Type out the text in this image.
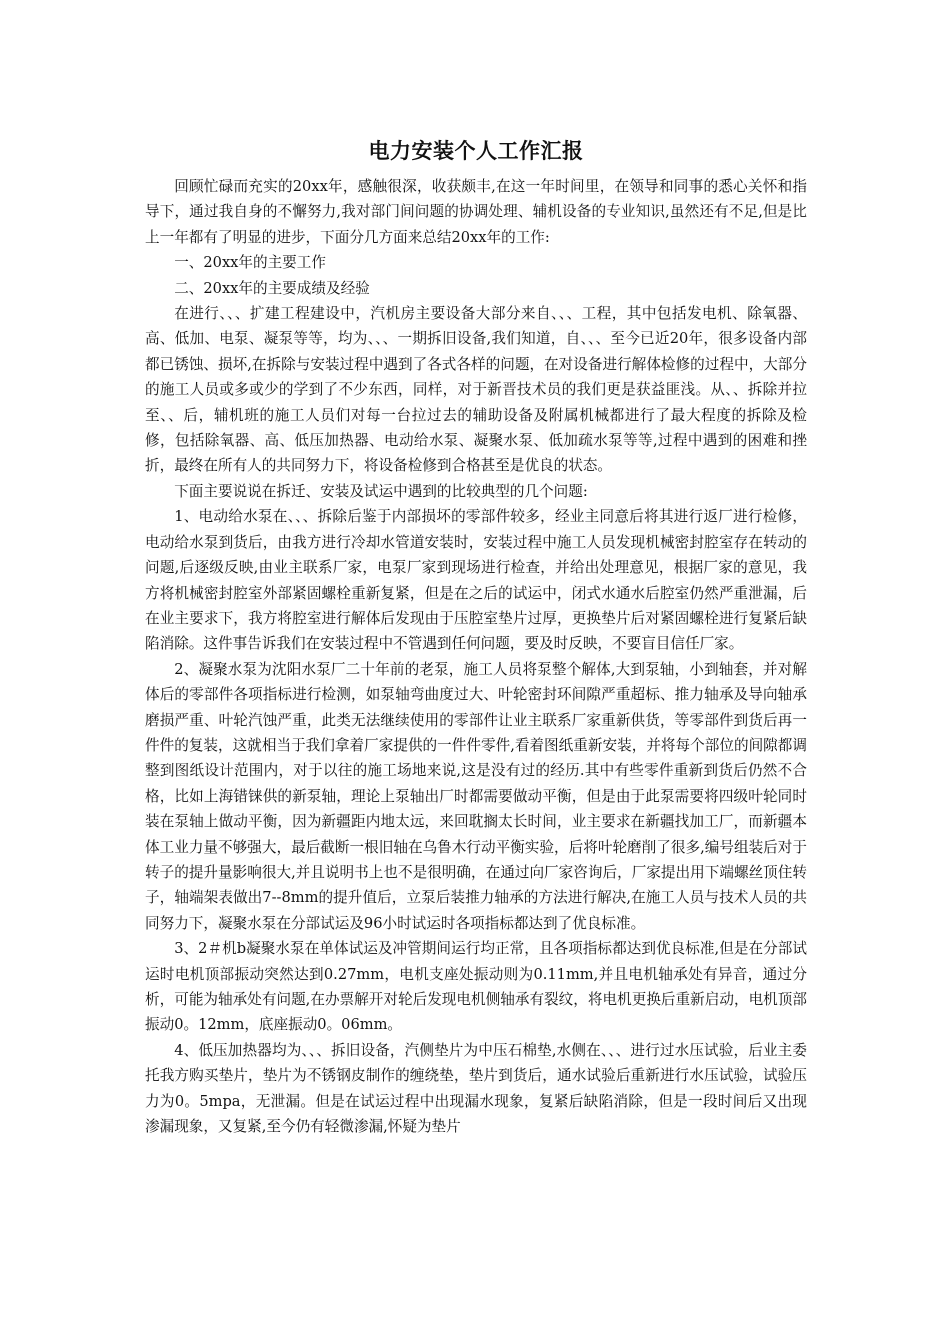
电力安装个人工作汇报

回顾忙碌而充实的20xx年，感触很深，收获颇丰,在这一年时间里，在领导和同事的悉心关怀和指导下，通过我自身的不懈努力,我对部门间问题的协调处理、辅机设备的专业知识,虽然还有不足,但是比上一年都有了明显的进步，下面分几方面来总结20xx年的工作:

一、20xx年的主要工作

二、20xx年的主要成绩及经验

在进行、、、扩建工程建设中，汽机房主要设备大部分来自、、、工程，其中包括发电机、除氧器、高、低加、电泵、凝泵等等，均为、、、一期拆旧设备,我们知道，自、、、至今已近20年，很多设备内部都已锈蚀、损坏,在拆除与安装过程中遇到了各式各样的问题，在对设备进行解体检修的过程中，大部分的施工人员或多或少的学到了不少东西，同样，对于新晋技术员的我们更是获益匪浅。从、、拆除并拉至、、后，辅机班的施工人员们对每一台拉过去的辅助设备及附属机械都进行了最大程度的拆除及检修，包括除氧器、高、低压加热器、电动给水泵、凝聚水泵、低加疏水泵等等,过程中遇到的困难和挫折，最终在所有人的共同努力下，将设备检修到合格甚至是优良的状态。

下面主要说说在拆迁、安装及试运中遇到的比较典型的几个问题:

1、电动给水泵在、、、拆除后鉴于内部损坏的零部件较多，经业主同意后将其进行返厂进行检修，电动给水泵到货后，由我方进行冷却水管道安装时，安装过程中施工人员发现机械密封腔室存在转动的问题,后逐级反映,由业主联系厂家，电泵厂家到现场进行检查，并给出处理意见，根据厂家的意见，我方将机械密封腔室外部紧固螺栓重新复紧，但是在之后的试运中，闭式水通水后腔室仍然严重泄漏，后在业主要求下，我方将腔室进行解体后发现由于压腔室垫片过厚，更换垫片后对紧固螺栓进行复紧后缺陷消除。这件事告诉我们在安装过程中不管遇到任何问题，要及时反映，不要盲目信任厂家。

2、凝聚水泵为沈阳水泵厂二十年前的老泵，施工人员将泵整个解体,大到泵轴，小到轴套，并对解体后的零部件各项指标进行检测，如泵轴弯曲度过大、叶轮密封环间隙严重超标、推力轴承及导向轴承磨损严重、叶轮汽蚀严重，此类无法继续使用的零部件让业主联系厂家重新供货，等零部件到货后再一件件的复装，这就相当于我们拿着厂家提供的一件件零件,看着图纸重新安装，并将每个部位的间隙都调整到图纸设计范围内，对于以往的施工场地来说,这是没有过的经历.其中有些零件重新到货后仍然不合格，比如上海错铼供的新泵轴，理论上泵轴出厂时都需要做动平衡，但是由于此泵需要将四级叶轮同时装在泵轴上做动平衡，因为新疆距内地太远，来回耽搁太长时间，业主要求在新疆找加工厂，而新疆本体工业力量不够强大，最后截断一根旧轴在乌鲁木行动平衡实验，后将叶轮磨削了很多,编号组装后对于转子的提升量影响很大,并且说明书上也不是很明确，在通过向厂家咨询后，厂家提出用下端螺丝顶住转子，轴端架表做出7--8mm的提升值后，立泵后装推力轴承的方法进行解决,在施工人员与技术人员的共同努力下，凝聚水泵在分部试运及96小时试运时各项指标都达到了优良标准。

3、2＃机b凝聚水泵在单体试运及冲管期间运行均正常，且各项指标都达到优良标准,但是在分部试运时电机顶部振动突然达到0.27mm，电机支座处振动则为0.11mm,并且电机轴承处有异音，通过分析，可能为轴承处有问题,在办票解开对轮后发现电机侧轴承有裂纹，将电机更换后重新启动，电机顶部振动0。12mm，底座振动0。06mm。

4、低压加热器均为、、、拆旧设备，汽侧垫片为中压石棉垫,水侧在、、、进行过水压试验，后业主委托我方购买垫片，垫片为不锈钢皮制作的缠绕垫，垫片到货后，通水试验后重新进行水压试验，试验压力为0。5mpa，无泄漏。但是在试运过程中出现漏水现象，复紧后缺陷消除，但是一段时间后又出现渗漏现象，又复紧,至今仍有轻微渗漏,怀疑为垫片
